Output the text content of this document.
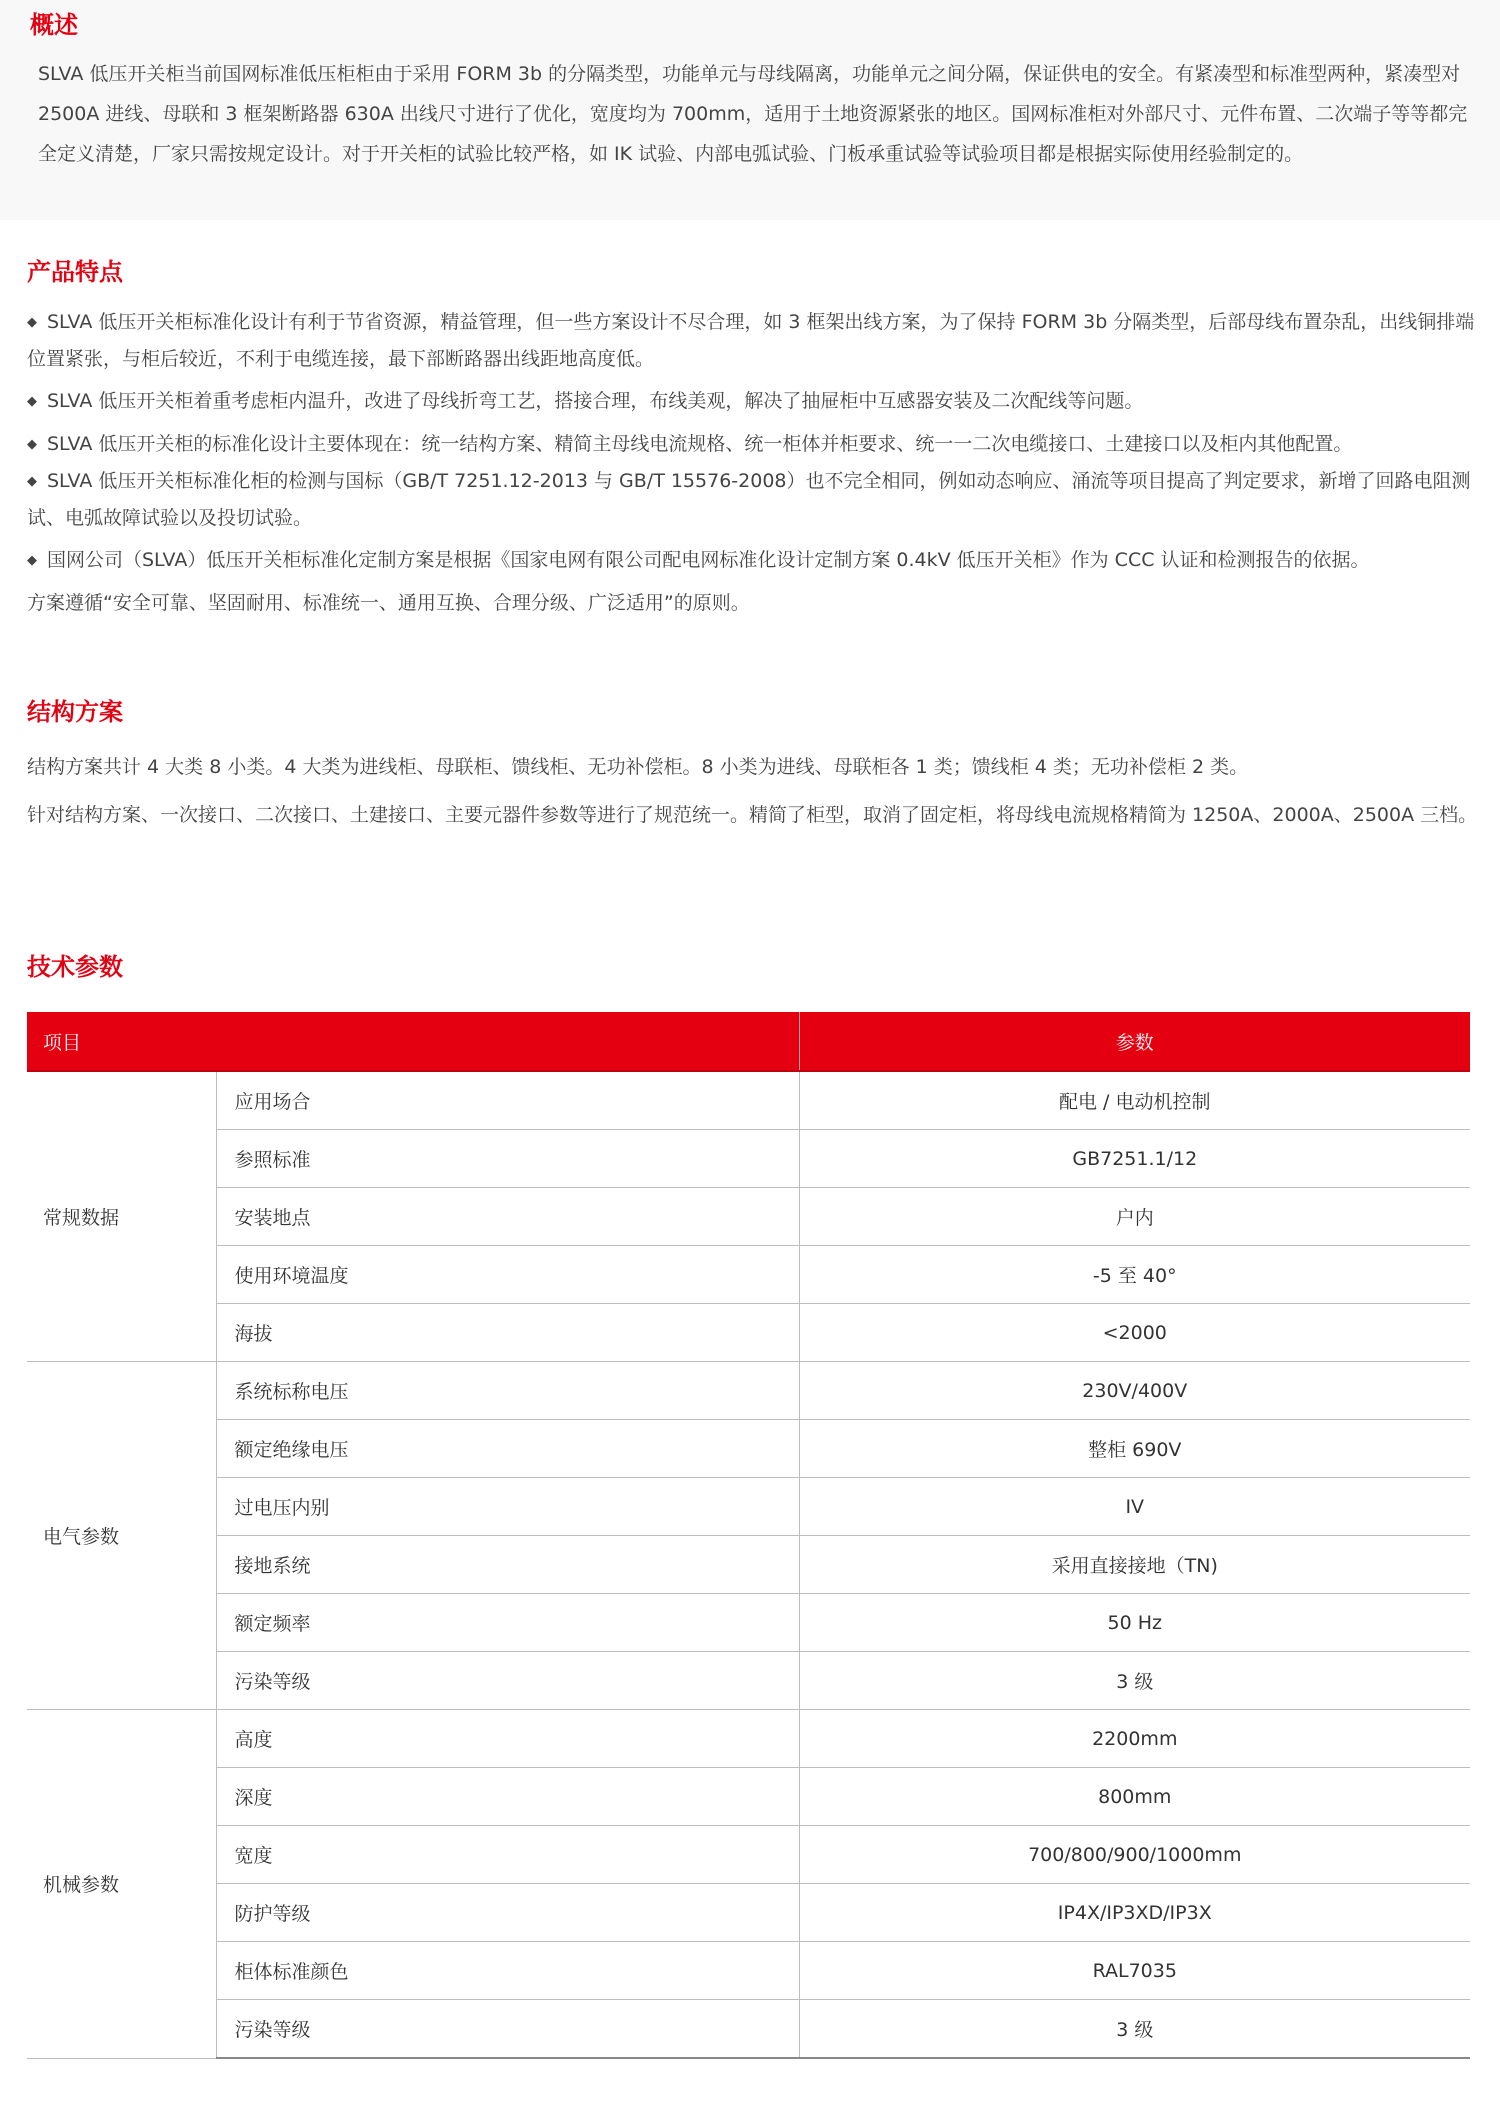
概述

SLVA 低压开关柜当前国网标准低压柜柜由于采用 FORM 3b 的分隔类型，功能单元与母线隔离，功能单元之间分隔，保证供电的安全。有紧凑型和标准型两种，紧凑型对 2500A 进线、母联和 3 框架断路器 630A 出线尺寸进行了优化，宽度均为 700mm，适用于土地资源紧张的地区。国网标准柜对外部尺寸、元件布置、二次端子等等都完全定义清楚，厂家只需按规定设计。对于开关柜的试验比较严格，如 IK 试验、内部电弧试验、门板承重试验等试验项目都是根据实际使用经验制定的。

产品特点
◆ SLVA 低压开关柜标准化设计有利于节省资源，精益管理，但一些方案设计不尽合理，如 3 框架出线方案，为了保持 FORM 3b 分隔类型，后部母线布置杂乱，出线铜排端位置紧张，与柜后较近，不利于电缆连接，最下部断路器出线距地高度低。
◆ SLVA 低压开关柜着重考虑柜内温升，改进了母线折弯工艺，搭接合理，布线美观，解决了抽屉柜中互感器安装及二次配线等问题。
◆ SLVA 低压开关柜的标准化设计主要体现在：统一结构方案、精简主母线电流规格、统一柜体并柜要求、统一一二次电缆接口、土建接口以及柜内其他配置。
◆ SLVA 低压开关柜标准化柜的检测与国标（GB/T 7251.12-2013 与 GB/T 15576-2008）也不完全相同，例如动态响应、涌流等项目提高了判定要求，新增了回路电阻测试、电弧故障试验以及投切试验。
◆ 国网公司（SLVA）低压开关柜标准化定制方案是根据《国家电网有限公司配电网标准化设计定制方案 0.4kV 低压开关柜》作为 CCC 认证和检测报告的依据。

方案遵循“安全可靠、坚固耐用、标准统一、通用互换、合理分级、广泛适用”的原则。

结构方案

结构方案共计 4 大类 8 小类。4 大类为进线柜、母联柜、馈线柜、无功补偿柜。8 小类为进线、母联柜各 1 类；馈线柜 4 类；无功补偿柜 2 类。

针对结构方案、一次接口、二次接口、土建接口、主要元器件参数等进行了规范统一。精简了柜型，取消了固定柜，将母线电流规格精简为 1250A、2000A、2500A 三档。

技术参数
项目		参数
常规数据	应用场合	配电 / 电动机控制
	参照标准	GB7251.1/12
	安装地点	户内
	使用环境温度	-5 至 40°
	海拔	<2000
电气参数	系统标称电压	230V/400V
	额定绝缘电压	整柜 690V
	过电压内别	IV
	接地系统	采用直接接地（TN)
	额定频率	50 Hz
	污染等级	3 级
机械参数	高度	2200mm
	深度	800mm
	宽度	700/800/900/1000mm
	防护等级	IP4X/IP3XD/IP3X
	柜体标准颜色	RAL7035
	污染等级	3 级
